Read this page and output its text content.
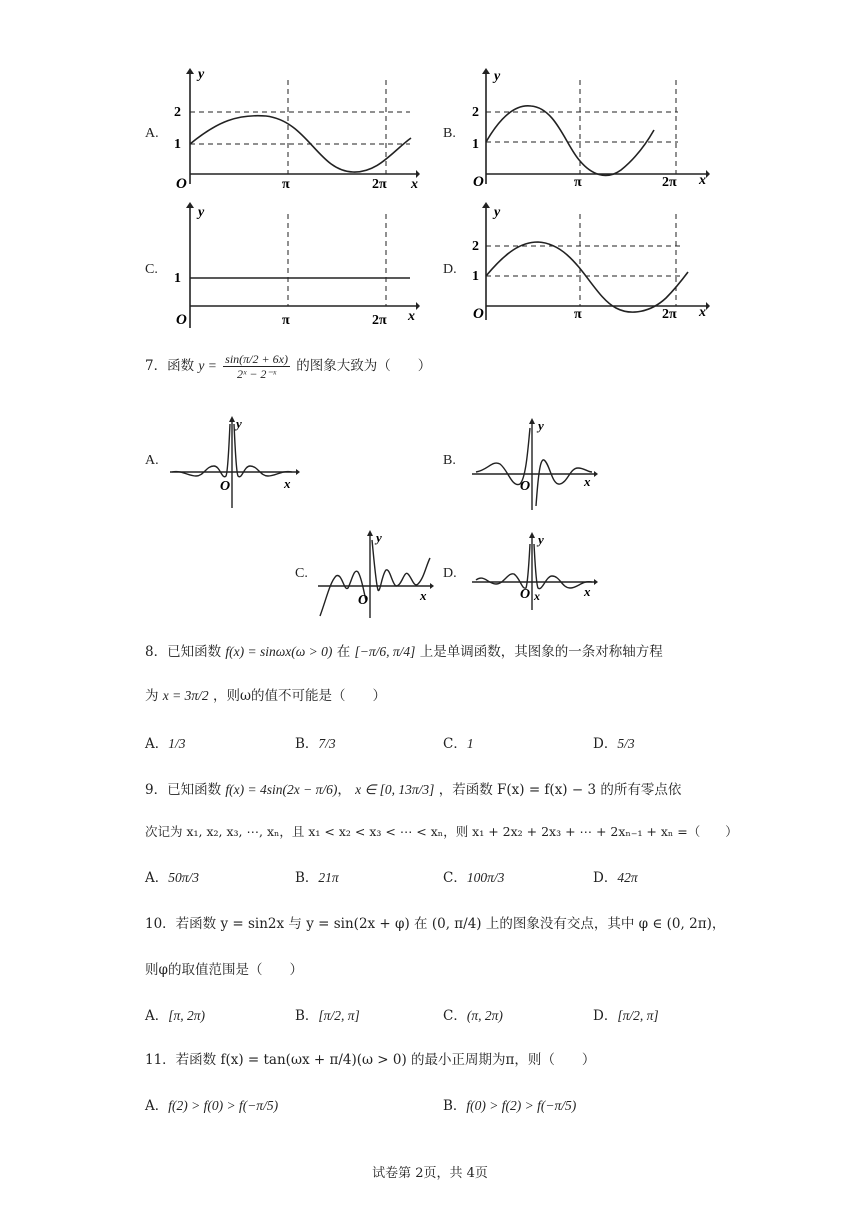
A.	B.
C.	D.
y
x
O
2
1
π	2π
y
x
O
2
1
π	2π
y
x
O
1
π	2π
y
x
O
2
1
π	2π
7．函数 $y = \frac{\sin(\pi/2 + 6x)}{\text{2ˣ − 2⁻ˣ}}$ 的图象大致为（　　）
A.	B.
C.	D.
y
x
O
y
x
O
y
x
O
y
x
O x
8．已知函数 f(x) = sinωx(ω > 0) 在 [−π/6, π/4] 上是单调函数，其图象的一条对称轴方程
为 x = 3π/2 ，则ω的值不可能是（　　）
A．1/3	B．7/3	C．1	D．5/3
9．已知函数 f(x) = 4sin(2x − π/6)， x ∈ [0, 13π/3] ，若函数 F(x) = f(x) − 3 的所有零点依
次记为 x₁, x₂, x₃, ⋯, xₙ，且 x₁ < x₂ < x₃ < ⋯ < xₙ，则 x₁ + 2x₂ + 2x₃ + ⋯ + 2xₙ₋₁ + xₙ =（　　）
A．50π/3	B．21π	C．100π/3	D．42π
10．若函数 y = sin2x 与 y = sin(2x + φ) 在 (0, π/4) 上的图象没有交点，其中 φ ∈ (0, 2π)，
则φ的取值范围是（　　）
A．[π, 2π)	B．[π/2, π]	C．(π, 2π)	D．[π/2, π]
11．若函数 f(x) = tan(ωx + π/4)(ω > 0) 的最小正周期为π，则（　　）
A．f(2) > f(0) > f(−π/5)	B．f(0) > f(2) > f(−π/5)
试卷第 2页，共 4页
